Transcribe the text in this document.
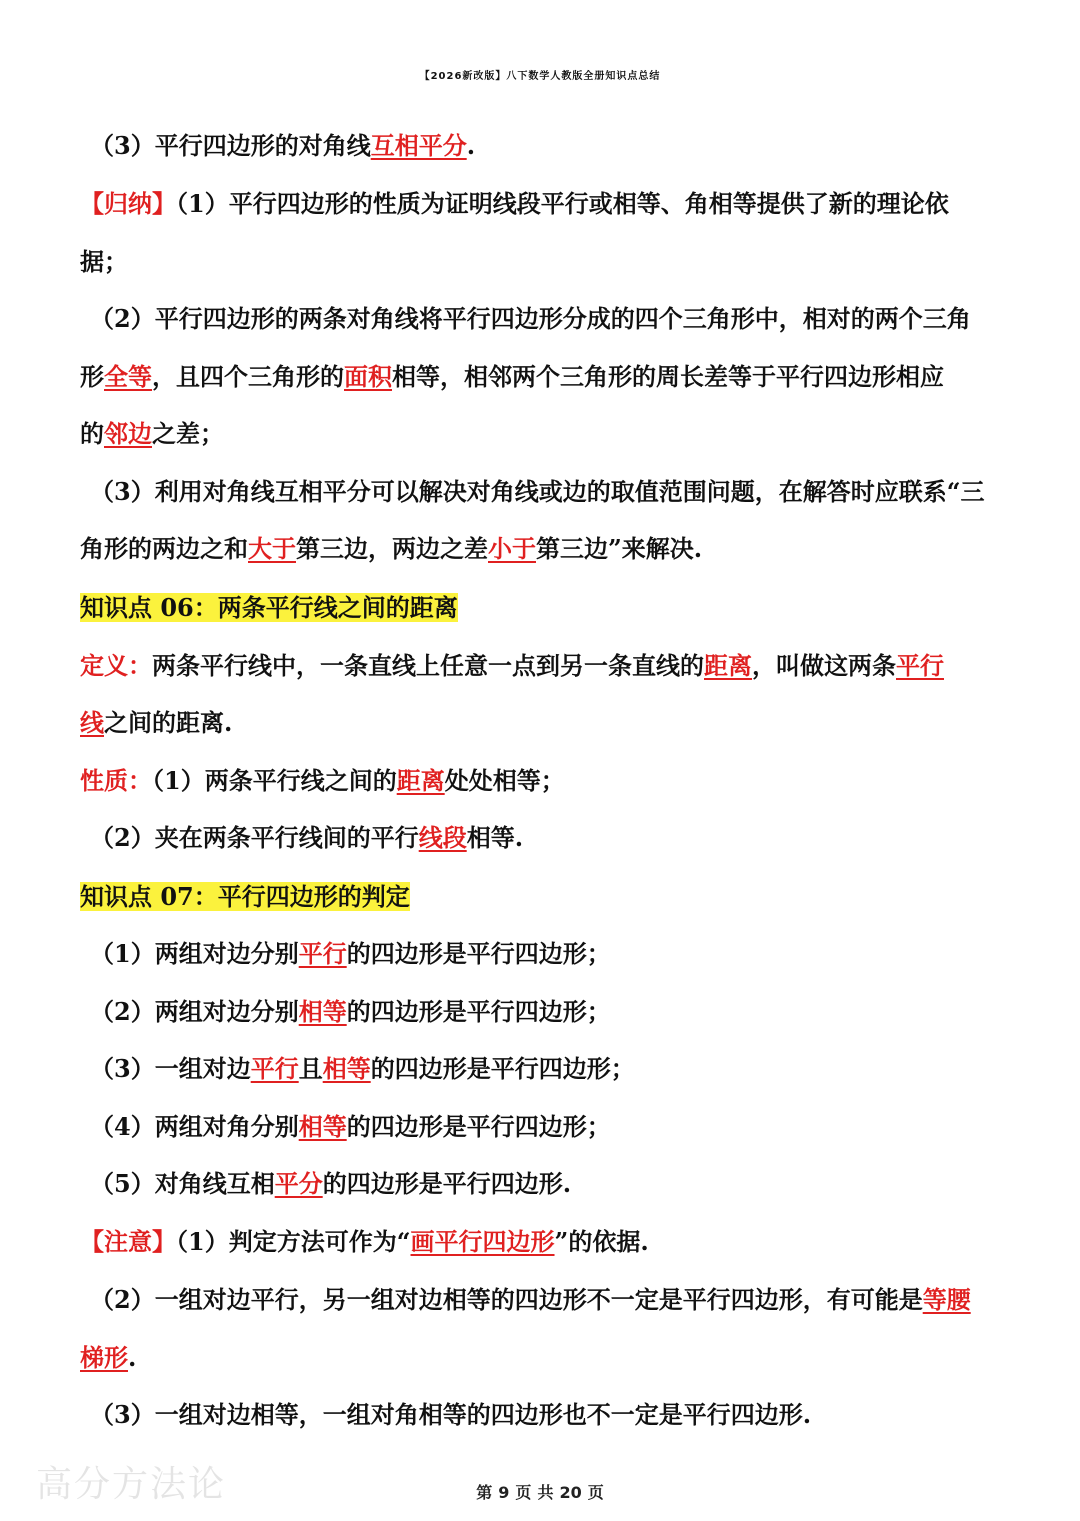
【2026新改版】八下数学人教版全册知识点总结
（3）平行四边形的对角线互相平分.
【归纳】（1）平行四边形的性质为证明线段平行或相等、角相等提供了新的理论依
据；
（2）平行四边形的两条对角线将平行四边形分成的四个三角形中，相对的两个三角
形全等，且四个三角形的面积相等，相邻两个三角形的周长差等于平行四边形相应
的邻边之差；
（3）利用对角线互相平分可以解决对角线或边的取值范围问题，在解答时应联系“三
角形的两边之和大于第三边，两边之差小于第三边”来解决.
知识点 06：两条平行线之间的距离
定义：两条平行线中，一条直线上任意一点到另一条直线的距离，叫做这两条平行
线之间的距离.
性质：（1）两条平行线之间的距离处处相等；
（2）夹在两条平行线间的平行线段相等.
知识点 07：平行四边形的判定
（1）两组对边分别平行的四边形是平行四边形；
（2）两组对边分别相等的四边形是平行四边形；
（3）一组对边平行且相等的四边形是平行四边形；
（4）两组对角分别相等的四边形是平行四边形；
（5）对角线互相平分的四边形是平行四边形.
【注意】（1）判定方法可作为“画平行四边形”的依据.
（2）一组对边平行，另一组对边相等的四边形不一定是平行四边形，有可能是等腰
梯形.
（3）一组对边相等，一组对角相等的四边形也不一定是平行四边形.
高分方法论	第 9 页 共 20 页
